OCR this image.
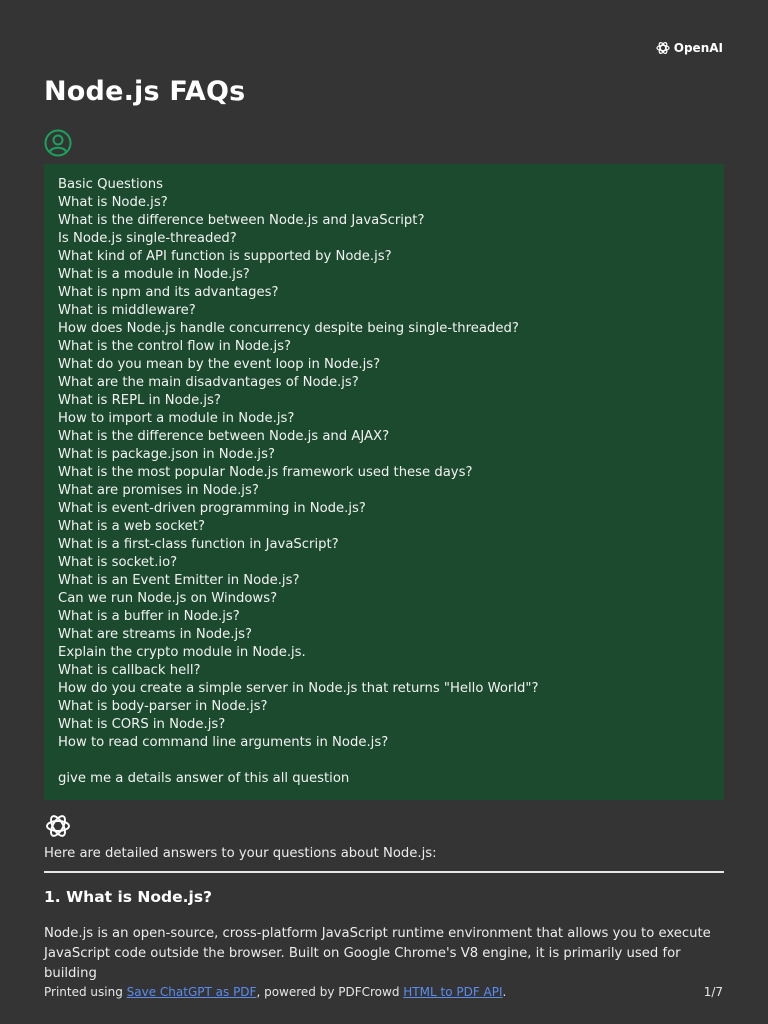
OpenAI
Node.js FAQs
Basic Questions
What is Node.js?
What is the difference between Node.js and JavaScript?
Is Node.js single-threaded?
What kind of API function is supported by Node.js?
What is a module in Node.js?
What is npm and its advantages?
What is middleware?
How does Node.js handle concurrency despite being single-threaded?
What is the control flow in Node.js?
What do you mean by the event loop in Node.js?
What are the main disadvantages of Node.js?
What is REPL in Node.js?
How to import a module in Node.js?
What is the difference between Node.js and AJAX?
What is package.json in Node.js?
What is the most popular Node.js framework used these days?
What are promises in Node.js?
What is event-driven programming in Node.js?
What is a web socket?
What is a first-class function in JavaScript?
What is socket.io?
What is an Event Emitter in Node.js?
Can we run Node.js on Windows?
What is a buffer in Node.js?
What are streams in Node.js?
Explain the crypto module in Node.js.
What is callback hell?
How do you create a simple server in Node.js that returns "Hello World"?
What is body-parser in Node.js?
What is CORS in Node.js?
How to read command line arguments in Node.js?
give me a details answer of this all question
Here are detailed answers to your questions about Node.js:
1. What is Node.js?
Node.js is an open-source, cross-platform JavaScript runtime environment that allows you to execute
JavaScript code outside the browser. Built on Google Chrome's V8 engine, it is primarily used for building
Printed using Save ChatGPT as PDF, powered by PDFCrowd HTML to PDF API.	1/7
